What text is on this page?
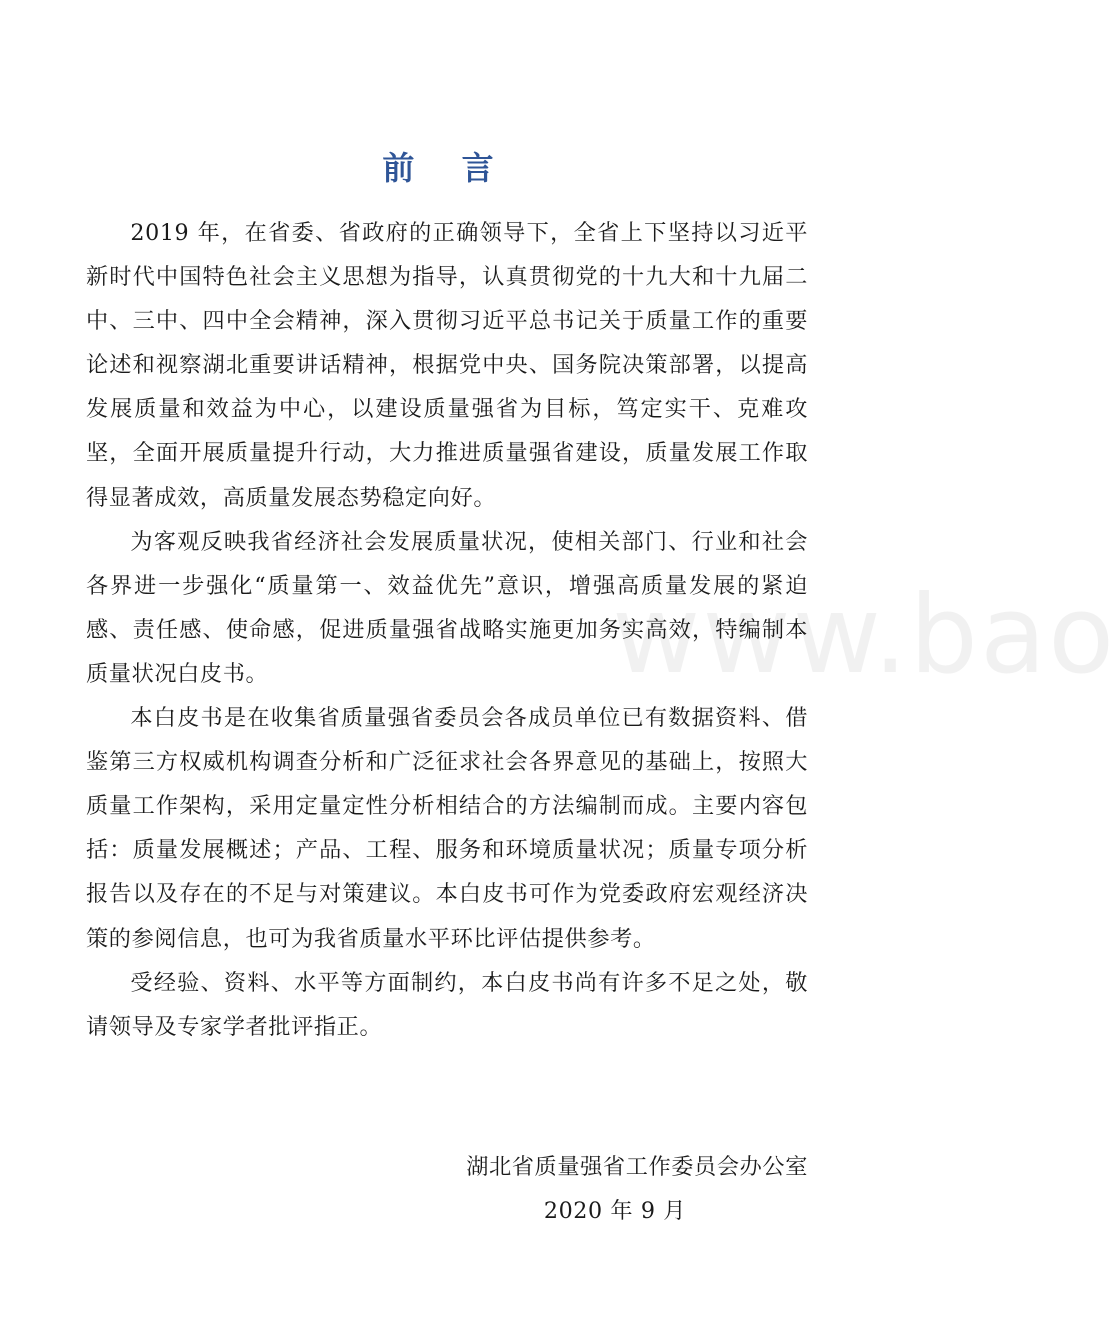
www.bao
前 言

2019 年，在省委、省政府的正确领导下，全省上下坚持以习近平新时代中国特色社会主义思想为指导，认真贯彻党的十九大和十九届二中、三中、四中全会精神，深入贯彻习近平总书记关于质量工作的重要论述和视察湖北重要讲话精神，根据党中央、国务院决策部署，以提高发展质量和效益为中心，以建设质量强省为目标，笃定实干、克难攻坚，全面开展质量提升行动，大力推进质量强省建设，质量发展工作取得显著成效，高质量发展态势稳定向好。

为客观反映我省经济社会发展质量状况，使相关部门、行业和社会各界进一步强化“质量第一、效益优先”意识，增强高质量发展的紧迫感、责任感、使命感，促进质量强省战略实施更加务实高效，特编制本质量状况白皮书。

本白皮书是在收集省质量强省委员会各成员单位已有数据资料、借鉴第三方权威机构调查分析和广泛征求社会各界意见的基础上，按照大质量工作架构，采用定量定性分析相结合的方法编制而成。主要内容包括：质量发展概述；产品、工程、服务和环境质量状况；质量专项分析报告以及存在的不足与对策建议。本白皮书可作为党委政府宏观经济决策的参阅信息，也可为我省质量水平环比评估提供参考。

受经验、资料、水平等方面制约，本白皮书尚有许多不足之处，敬请领导及专家学者批评指正。

湖北省质量强省工作委员会办公室
2020 年 9 月
